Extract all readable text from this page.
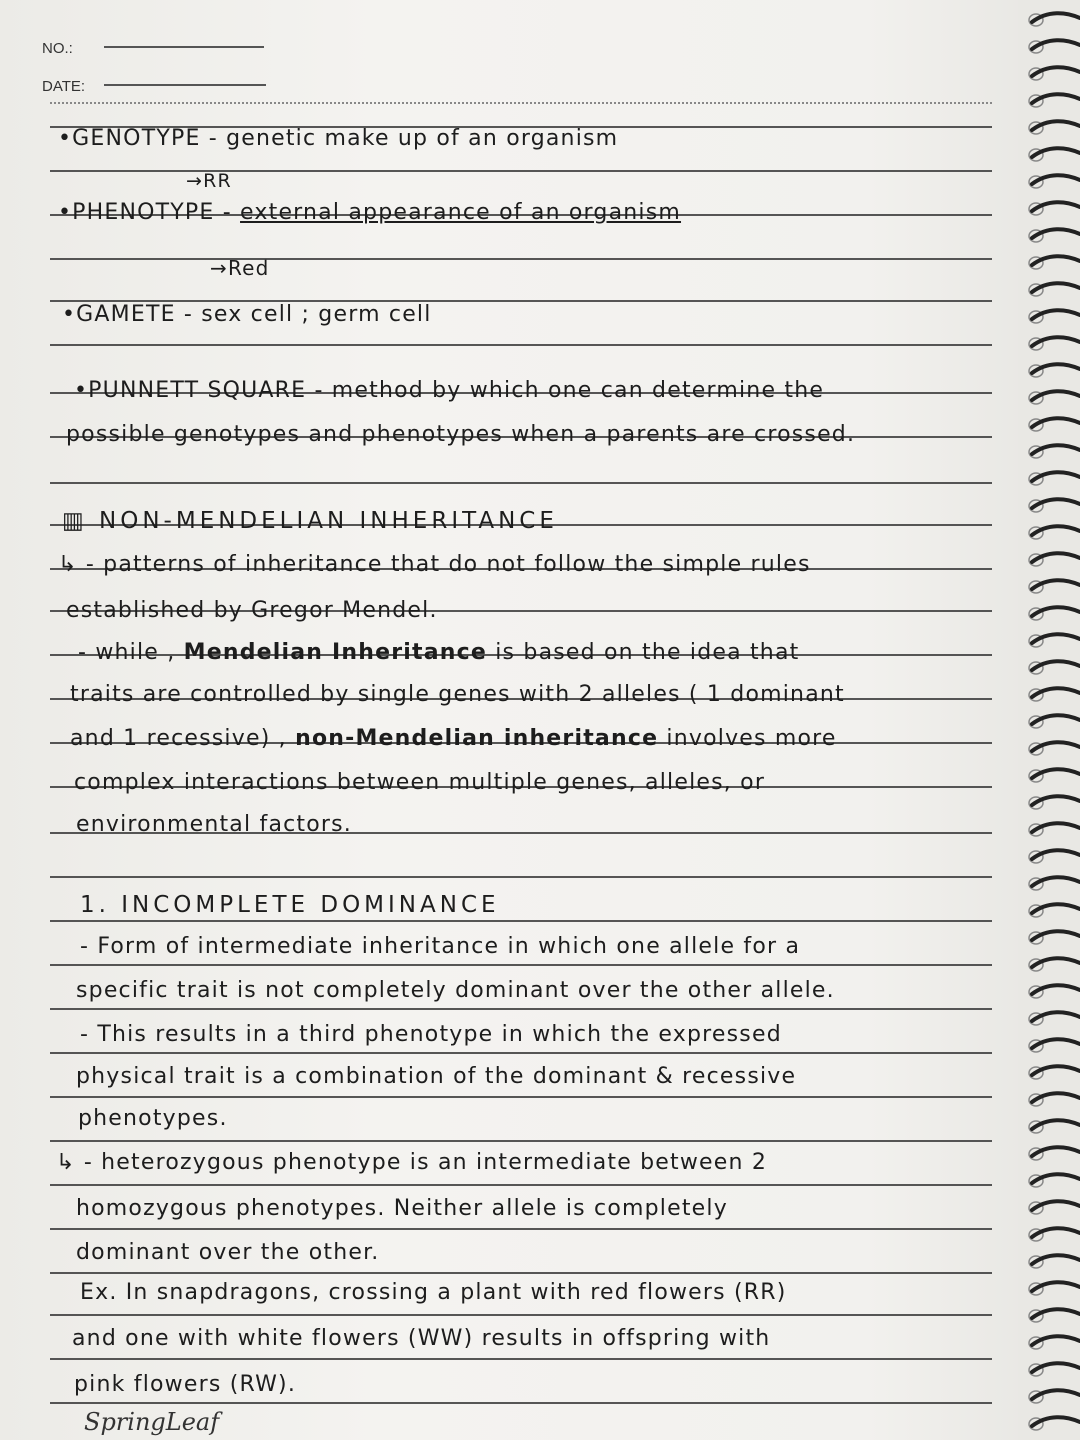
NO.:
DATE:
•GENOTYPE - genetic make up of an organism
→RR
•PHENOTYPE - external appearance of an organism
→Red
•GAMETE - sex cell ; germ cell
•PUNNETT SQUARE - method by which one can determine the
possible genotypes and phenotypes when a parents are crossed.
▥ NON-MENDELIAN INHERITANCE
↳ - patterns of inheritance that do not follow the simple rules
established by Gregor Mendel.
- while , Mendelian Inheritance is based on the idea that
traits are controlled by single genes with 2 alleles ( 1 dominant
and 1 recessive) , non-Mendelian inheritance involves more
complex interactions between multiple genes, alleles, or
environmental factors.
1. INCOMPLETE DOMINANCE
- Form of intermediate inheritance in which one allele for a
specific trait is not completely dominant over the other allele.
- This results in a third phenotype in which the expressed
physical trait is a combination of the dominant & recessive
phenotypes.
↳ - heterozygous phenotype is an intermediate between 2
homozygous phenotypes. Neither allele is completely
dominant over the other.
Ex. In snapdragons, crossing a plant with red flowers (RR)
and one with white flowers (WW) results in offspring with
pink flowers (RW).
SpringLeaf
